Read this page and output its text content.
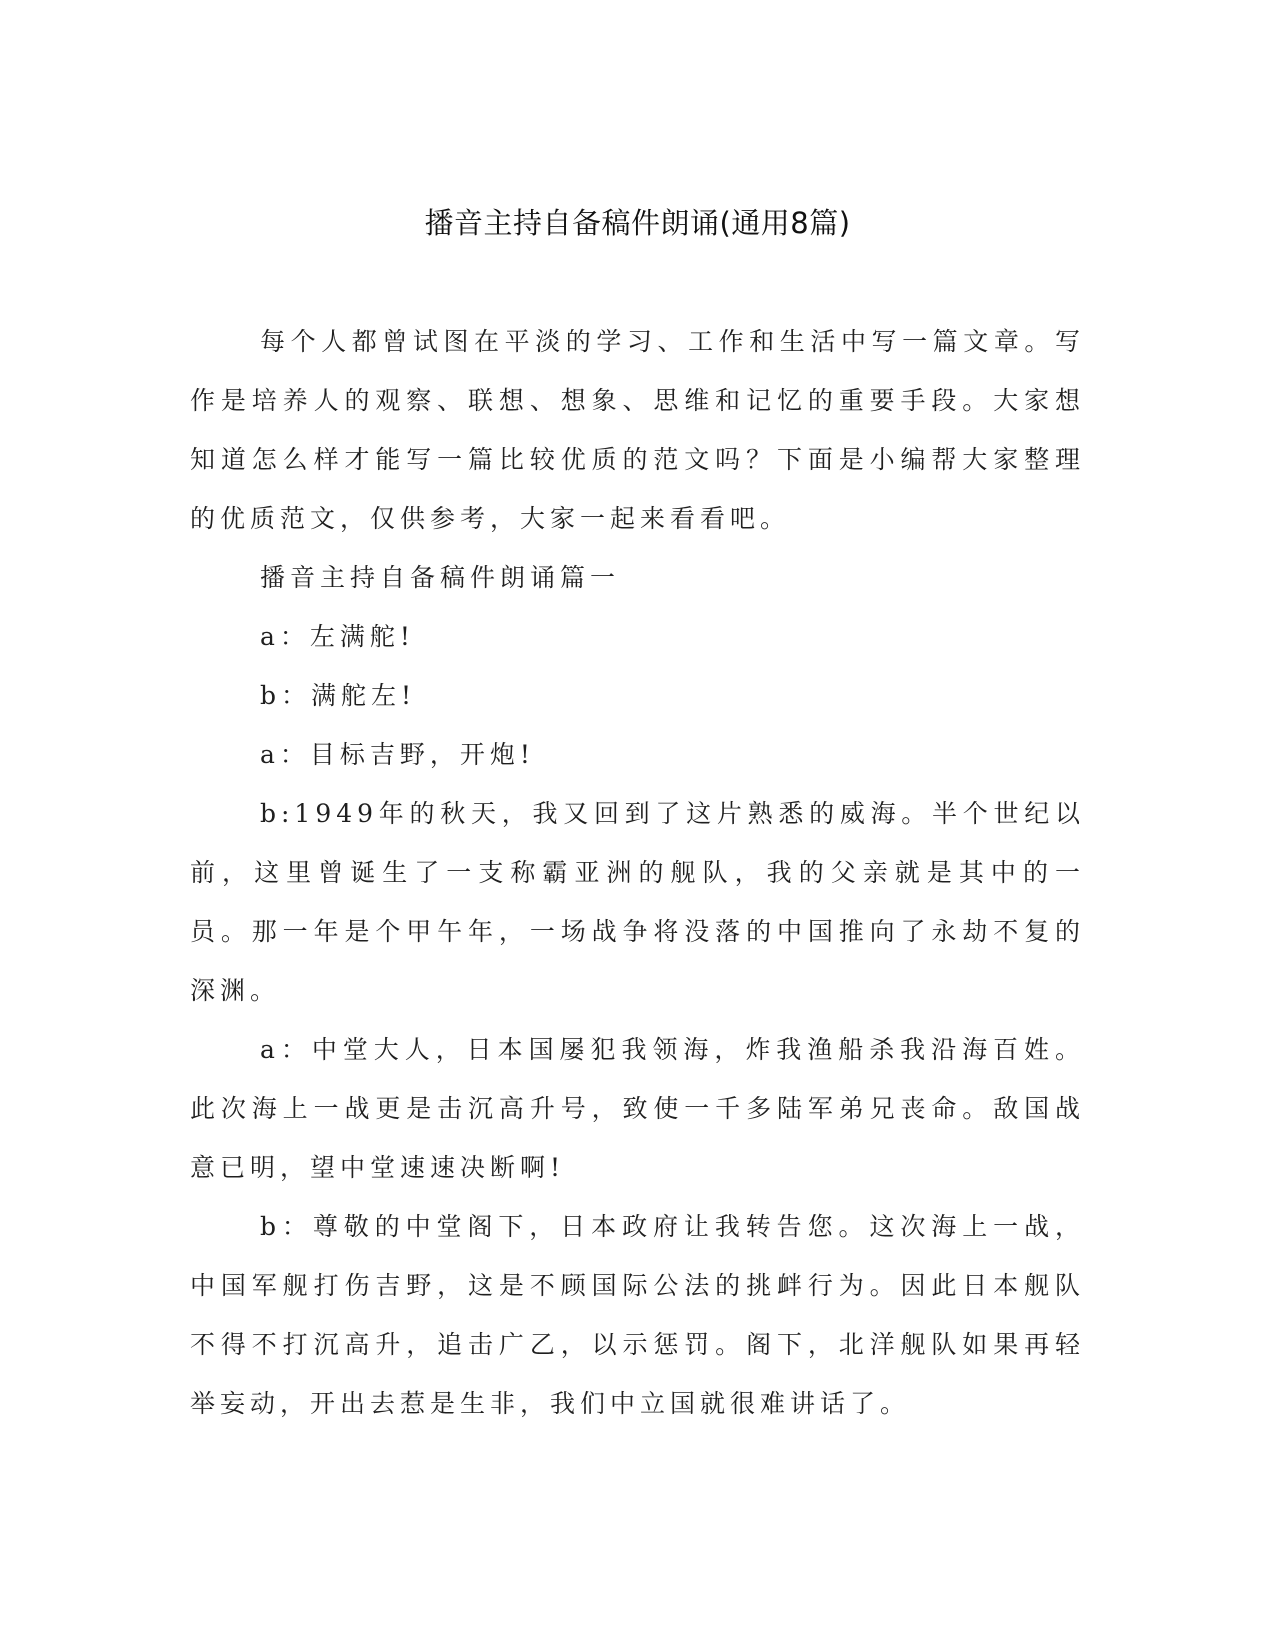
播音主持自备稿件朗诵(通用8篇)

每个人都曾试图在平淡的学习、工作和生活中写一篇文章。写作是培养人的观察、联想、想象、思维和记忆的重要手段。大家想知道怎么样才能写一篇比较优质的范文吗？下面是小编帮大家整理的优质范文，仅供参考，大家一起来看看吧。

播音主持自备稿件朗诵篇一

a：左满舵!

b：满舵左!

a：目标吉野，开炮!

b:1949年的秋天，我又回到了这片熟悉的威海。半个世纪以前，这里曾诞生了一支称霸亚洲的舰队，我的父亲就是其中的一员。那一年是个甲午年，一场战争将没落的中国推向了永劫不复的深渊。

a：中堂大人，日本国屡犯我领海，炸我渔船杀我沿海百姓。此次海上一战更是击沉高升号，致使一千多陆军弟兄丧命。敌国战意已明，望中堂速速决断啊!

b：尊敬的中堂阁下，日本政府让我转告您。这次海上一战，中国军舰打伤吉野，这是不顾国际公法的挑衅行为。因此日本舰队不得不打沉高升，追击广乙，以示惩罚。阁下，北洋舰队如果再轻举妄动，开出去惹是生非，我们中立国就很难讲话了。
